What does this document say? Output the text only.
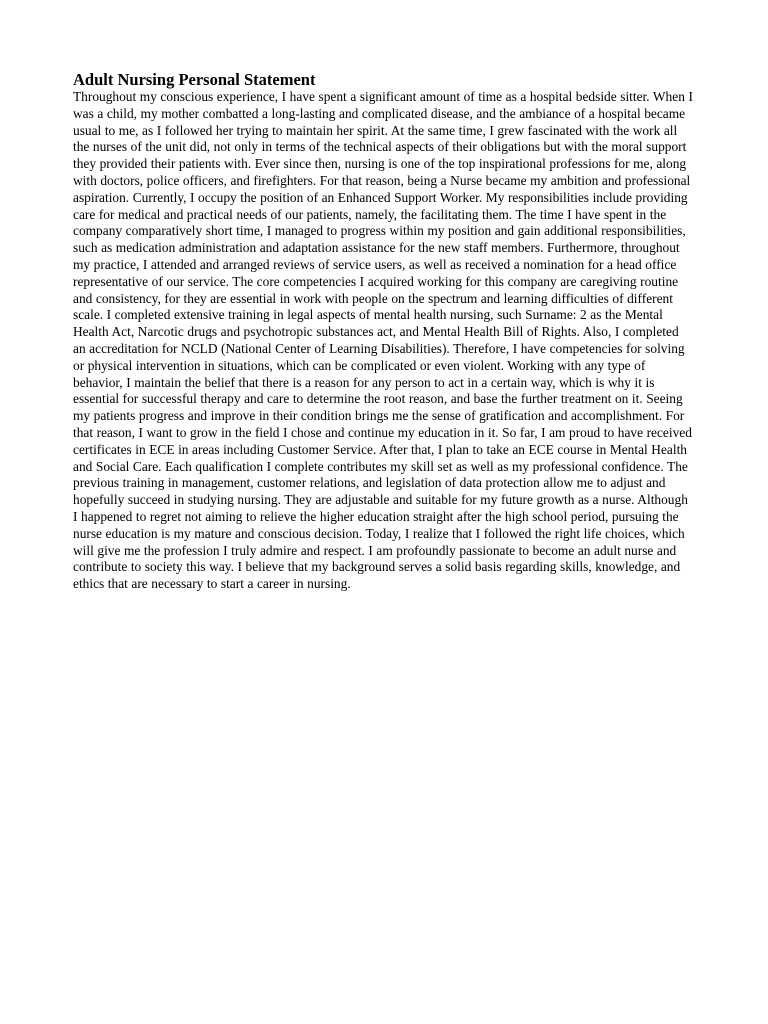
Adult Nursing Personal Statement

Throughout my conscious experience, I have spent a significant amount of time as a hospital bedside sitter. When I was a child, my mother combatted a long-lasting and complicated disease, and the ambiance of a hospital became usual to me, as I followed her trying to maintain her spirit. At the same time, I grew fascinated with the work all the nurses of the unit did, not only in terms of the technical aspects of their obligations but with the moral support they provided their patients with. Ever since then, nursing is one of the top inspirational professions for me, along with doctors, police officers, and firefighters. For that reason, being a Nurse became my ambition and professional aspiration. Currently, I occupy the position of an Enhanced Support Worker. My responsibilities include providing care for medical and practical needs of our patients, namely, the facilitating them. The time I have spent in the company comparatively short time, I managed to progress within my position and gain additional responsibilities, such as medication administration and adaptation assistance for the new staff members. Furthermore, throughout my practice, I attended and arranged reviews of service users, as well as received a nomination for a head office representative of our service. The core competencies I acquired working for this company are caregiving routine and consistency, for they are essential in work with people on the spectrum and learning difficulties of different scale. I completed extensive training in legal aspects of mental health nursing, such Surname: 2 as the Mental Health Act, Narcotic drugs and psychotropic substances act, and Mental Health Bill of Rights. Also, I completed an accreditation for NCLD (National Center of Learning Disabilities). Therefore, I have competencies for solving or physical intervention in situations, which can be complicated or even violent. Working with any type of behavior, I maintain the belief that there is a reason for any person to act in a certain way, which is why it is essential for successful therapy and care to determine the root reason, and base the further treatment on it. Seeing my patients progress and improve in their condition brings me the sense of gratification and accomplishment. For that reason, I want to grow in the field I chose and continue my education in it. So far, I am proud to have received certificates in ECE in areas including Customer Service. After that, I plan to take an ECE course in Mental Health and Social Care. Each qualification I complete contributes my skill set as well as my professional confidence. The previous training in management, customer relations, and legislation of data protection allow me to adjust and hopefully succeed in studying nursing. They are adjustable and suitable for my future growth as a nurse. Although I happened to regret not aiming to relieve the higher education straight after the high school period, pursuing the nurse education is my mature and conscious decision. Today, I realize that I followed the right life choices, which will give me the profession I truly admire and respect. I am profoundly passionate to become an adult nurse and contribute to society this way. I believe that my background serves a solid basis regarding skills, knowledge, and ethics that are necessary to start a career in nursing.
